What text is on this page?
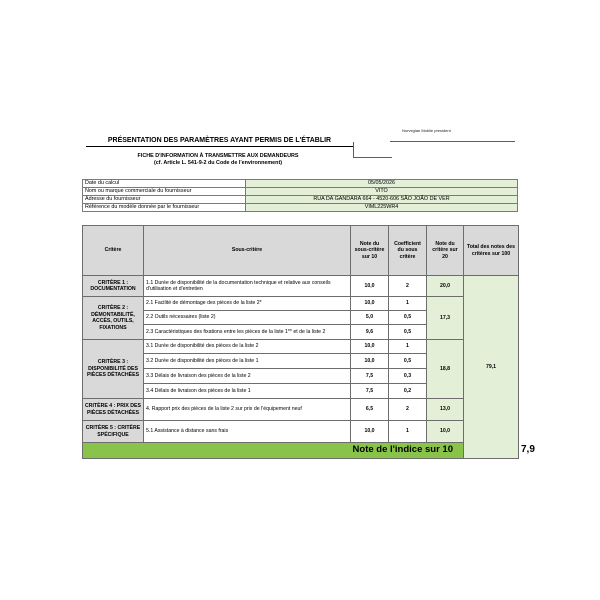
Norvegiae Mobile president
PRÉSENTATION DES PARAMÈTRES AYANT PERMIS DE L'ÉTABLIR
FICHE D'INFORMATION À TRANSMETTRE AUX DEMANDEURS
(cf. Article L. 541-9-2 du Code de l'environnement)
Date du calcul	05/05/2026
Nom ou marque commerciale du fournisseur	VITO
Adresse du fournisseur	RUA DA GANDARA 664 - 4520-606 SÃO JOÃO DE VER
Référence du modèle donnée par le fournisseur	VIML225WR4
Critère	Sous-critère	Note du sous-critère sur 10	Coefficient du sous critère	Note du critère sur 20	Total des notes des critères sur 100	
CRITÈRE 1 : DOCUMENTATION	1.1 Durée de disponibilité de la documentation technique et relative aux conseils d'utilisation et d'entretien	10,0	2	20,0	79,1	
CRITÈRE 2 : DÉMONTABILITÉ, ACCÈS, OUTILS, FIXATIONS	2.1 Facilité de démontage des pièces de la liste 2*	10,0	1	17,3		
	2.2 Outils nécessaires (liste 2)	5,0	0,5			
	2.3 Caractéristiques des fixations entre les pièces de la liste 1** et de la liste 2	9,6	0,5			
CRITÈRE 3 : DISPONIBILITÉ DES PIÈCES DÉTACHÉES	3.1 Durée de disponibilité des pièces de la liste 2	10,0	1	18,8		
	3.2 Durée de disponibilité des pièces de la liste 1	10,0	0,5			
	3.3 Délais de livraison des pièces de la liste 2	7,5	0,3			
	3.4 Délais de livraison des pièces de la liste 1	7,5	0,2			
CRITÈRE 4 : PRIX DES PIÈCES DÉTACHÉES	4. Rapport prix des pièces de la liste 2 sur prix de l'équipement neuf	6,5	2	13,0		
CRITÈRE 5 : CRITÈRE SPÉCIFIQUE	5.1 Assistance à distance sans frais	10,0	1	10,0		
Note de l'indice sur 10						7,9
